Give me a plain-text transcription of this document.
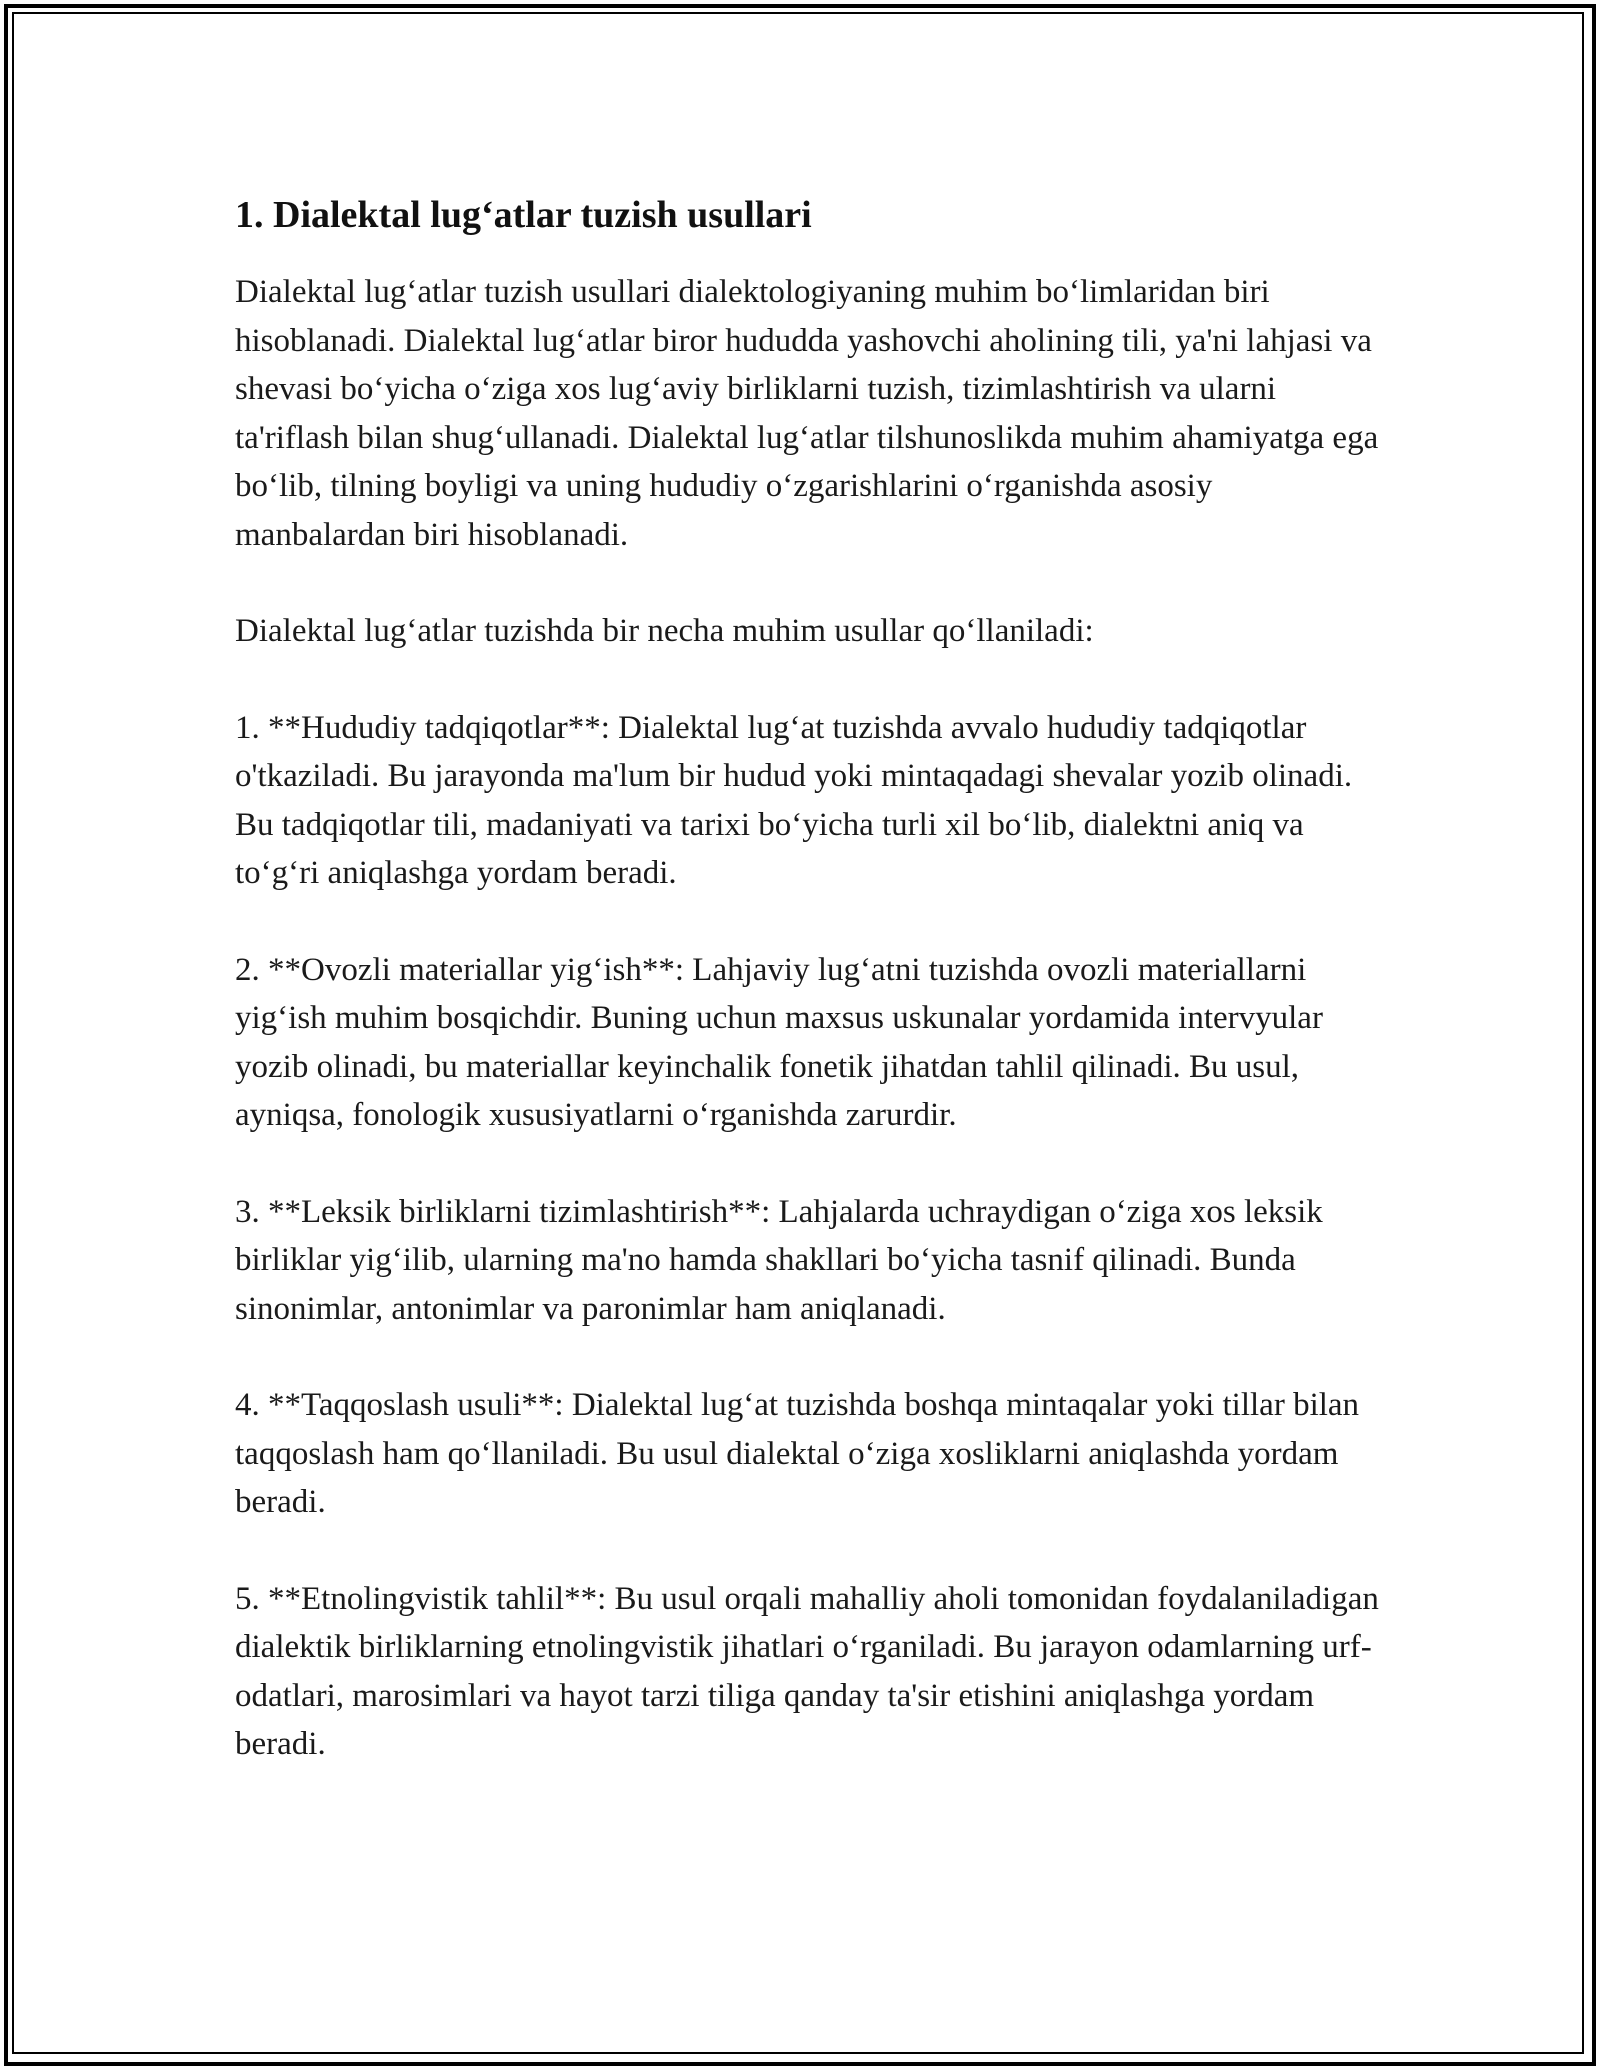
1. Dialektal lug‘atlar tuzish usullari

Dialektal lug‘atlar tuzish usullari dialektologiyaning muhim bo‘limlaridan biri hisoblanadi. Dialektal lug‘atlar biror hududda yashovchi aholining tili, ya'ni lahjasi va shevasi bo‘yicha o‘ziga xos lug‘aviy birliklarni tuzish, tizimlashtirish va ularni ta'riflash bilan shug‘ullanadi. Dialektal lug‘atlar tilshunoslikda muhim ahamiyatga ega bo‘lib, tilning boyligi va uning hududiy o‘zgarishlarini o‘rganishda asosiy manbalardan biri hisoblanadi.

Dialektal lug‘atlar tuzishda bir necha muhim usullar qo‘llaniladi:

1. **Hududiy tadqiqotlar**: Dialektal lug‘at tuzishda avvalo hududiy tadqiqotlar o'tkaziladi. Bu jarayonda ma'lum bir hudud yoki mintaqadagi shevalar yozib olinadi. Bu tadqiqotlar tili, madaniyati va tarixi bo‘yicha turli xil bo‘lib, dialektni aniq va to‘g‘ri aniqlashga yordam beradi.

2. **Ovozli materiallar yig‘ish**: Lahjaviy lug‘atni tuzishda ovozli materiallarni yig‘ish muhim bosqichdir. Buning uchun maxsus uskunalar yordamida intervyular yozib olinadi, bu materiallar keyinchalik fonetik jihatdan tahlil qilinadi. Bu usul, ayniqsa, fonologik xususiyatlarni o‘rganishda zarurdir.

3. **Leksik birliklarni tizimlashtirish**: Lahjalarda uchraydigan o‘ziga xos leksik birliklar yig‘ilib, ularning ma'no hamda shakllari bo‘yicha tasnif qilinadi. Bunda sinonimlar, antonimlar va paronimlar ham aniqlanadi.

4. **Taqqoslash usuli**: Dialektal lug‘at tuzishda boshqa mintaqalar yoki tillar bilan taqqoslash ham qo‘llaniladi. Bu usul dialektal o‘ziga xosliklarni aniqlashda yordam beradi.

5. **Etnolingvistik tahlil**: Bu usul orqali mahalliy aholi tomonidan foydalaniladigan dialektik birliklarning etnolingvistik jihatlari o‘rganiladi. Bu jarayon odamlarning urf-odatlari, marosimlari va hayot tarzi tiliga qanday ta'sir etishini aniqlashga yordam beradi.
